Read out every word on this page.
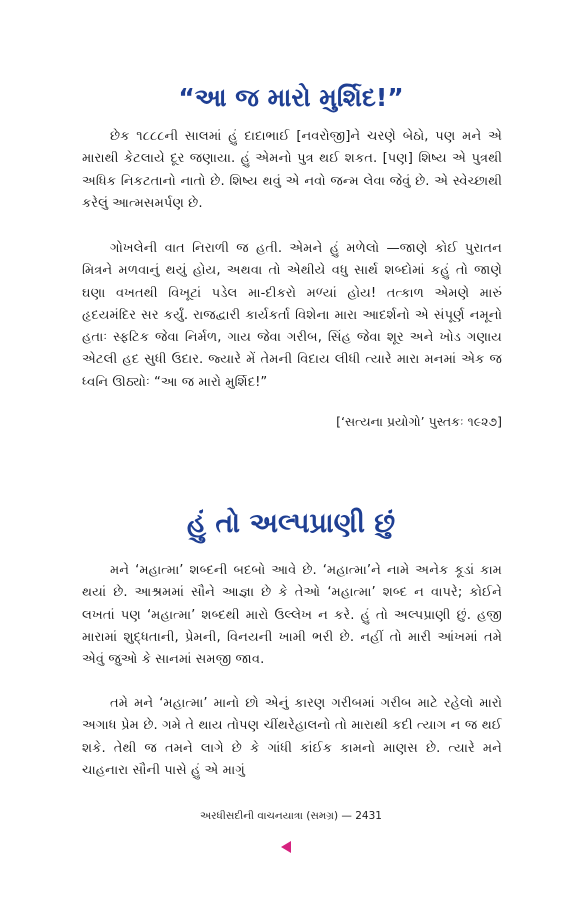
“આ જ મારો મુર્શિદ!”

છેક ૧૮૮૮ની સાલમાં હું દાદાભાઈ [નવરોજી]ને ચરણે બેઠો, પણ મને એ મારાથી કેટલાયે દૂર જણાયા. હું એમનો પુત્ર થઈ શકત. [પણ] શિષ્ય એ પુત્રથી અધિક નિકટતાનો નાતો છે. શિષ્ય થવું એ નવો જન્મ લેવા જેવું છે. એ સ્વેચ્છાથી કરેલું આત્મસમર્પણ છે.

ગોખલેની વાત નિરાળી જ હતી. એમને હું મળેલો —જાણે કોઈ પુરાતન મિત્રને મળવાનું થયું હોય, અથવા તો એથીયે વધુ સાર્થ શબ્દોમાં કહું તો જાણે ઘણા વખતથી વિખૂટાં પડેલ મા-દીકરો મળ્યાં હોય! તત્કાળ એમણે મારું હૃદયમંદિર સર કર્યું. રાજદ્વારી કાર્યકર્તા વિશેના મારા આદર્શનો એ સંપૂર્ણ નમૂનો હતાઃ સ્ફટિક જેવા નિર્મળ, ગાય જેવા ગરીબ, સિંહ જેવા શૂર અને ખોડ ગણાય એટલી હદ સુધી ઉદાર. જ્યારે મેં તેમની વિદાય લીધી ત્યારે મારા મનમાં એક જ ધ્વનિ ઊઠ્યોઃ “આ જ મારો મુર્શિદ!”

[‘સત્યના પ્રયોગો’ પુસ્તકઃ ૧૯૨૭]

હું તો અલ્પપ્રાણી છું

મને ‘મહાત્મા’ શબ્દની બદબો આવે છે. ‘મહાત્મા’ને નામે અનેક કૂડાં કામ થયાં છે. આશ્રમમાં સૌને આજ્ઞા છે કે તેઓ ‘મહાત્મા’ શબ્દ ન વાપરે; કોઈને લખતાં પણ ‘મહાત્મા’ શબ્દથી મારો ઉલ્લેખ ન કરે. હું તો અલ્પપ્રાણી છું. હજી મારામાં શુદ્ધતાની, પ્રેમની, વિનયની ખામી ભરી છે. નહીં તો મારી આંખમાં તમે એવું જુઓ કે સાનમાં સમજી જાવ.

તમે મને ‘મહાત્મા’ માનો છો એનું કારણ ગરીબમાં ગરીબ માટે રહેલો મારો અગાધ પ્રેમ છે. ગમે તે થાય તોપણ ચીંથરેહાલનો તો મારાથી કદી ત્યાગ ન જ થઈ શકે. તેથી જ તમને લાગે છે કે ગાંધી કાંઈક કામનો માણસ છે. ત્યારે મને ચાહનારા સૌની પાસે હું એ માગું

અરધીસદીની વાચનયાત્રા (સમગ્ર) — 2431
